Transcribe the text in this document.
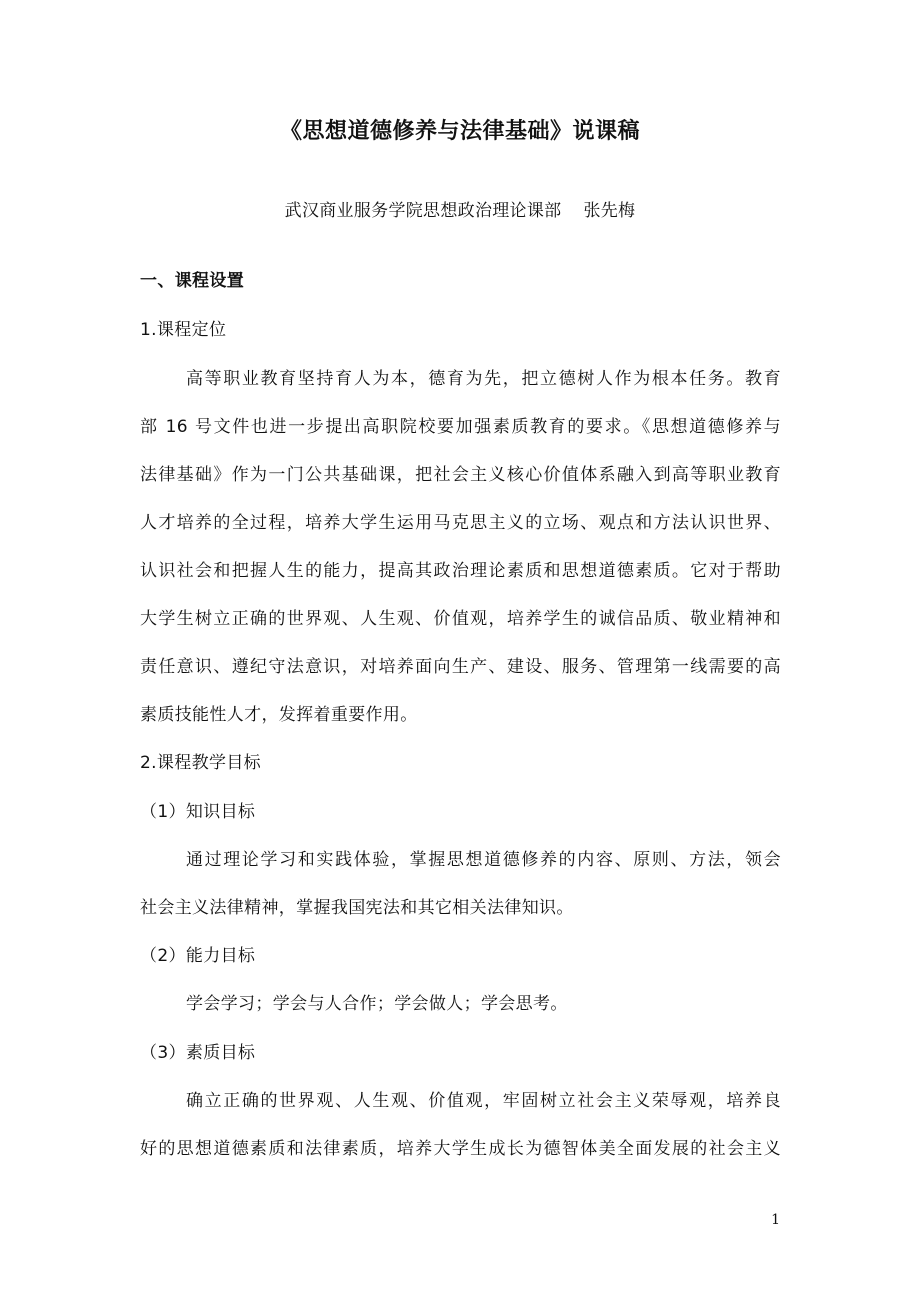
《思想道德修养与法律基础》说课稿
武汉商业服务学院思想政治理论课部 张先梅
一、课程设置
1.课程定位
高等职业教育坚持育人为本，德育为先，把立德树人作为根本任务。教育
部 16 号文件也进一步提出高职院校要加强素质教育的要求。《思想道德修养与
法律基础》作为一门公共基础课，把社会主义核心价值体系融入到高等职业教育
人才培养的全过程，培养大学生运用马克思主义的立场、观点和方法认识世界、
认识社会和把握人生的能力，提高其政治理论素质和思想道德素质。它对于帮助
大学生树立正确的世界观、人生观、价值观，培养学生的诚信品质、敬业精神和
责任意识、遵纪守法意识，对培养面向生产、建设、服务、管理第一线需要的高
素质技能性人才，发挥着重要作用。
2.课程教学目标
（1）知识目标
通过理论学习和实践体验，掌握思想道德修养的内容、原则、方法，领会
社会主义法律精神，掌握我国宪法和其它相关法律知识。
（2）能力目标
学会学习；学会与人合作；学会做人；学会思考。
（3）素质目标
确立正确的世界观、人生观、价值观，牢固树立社会主义荣辱观，培养良
好的思想道德素质和法律素质，培养大学生成长为德智体美全面发展的社会主义
1
